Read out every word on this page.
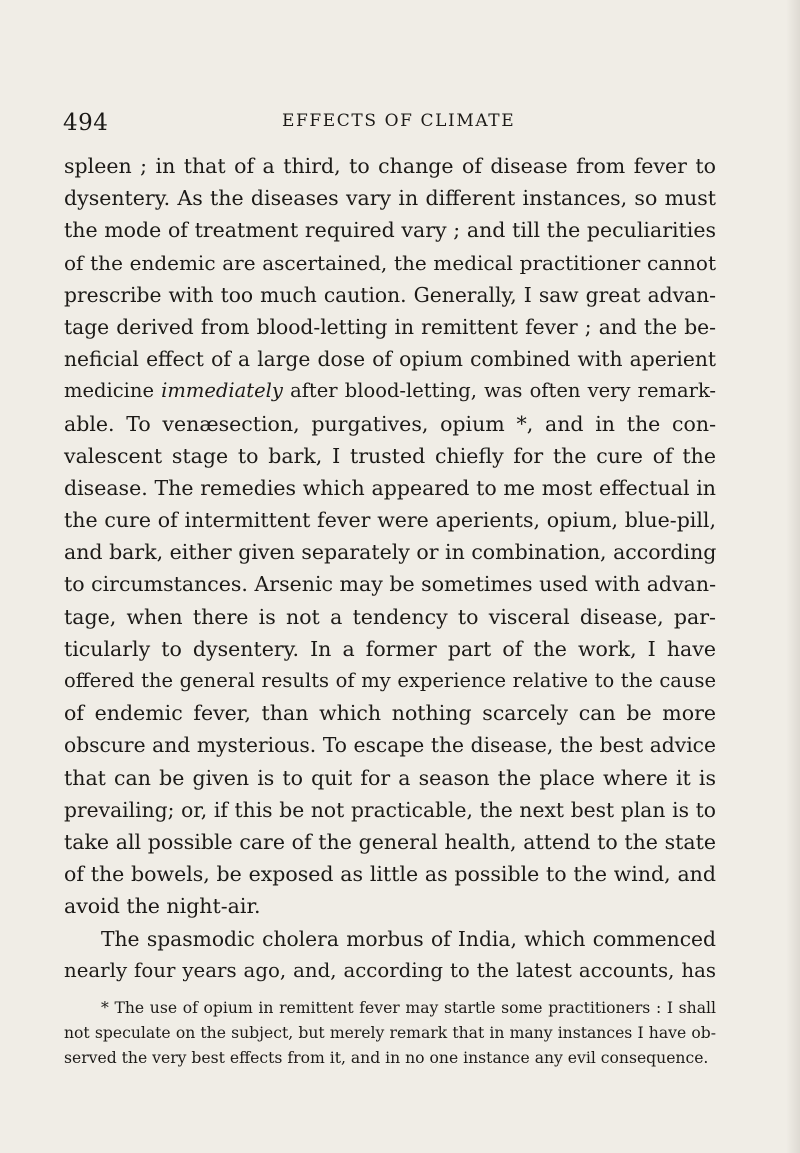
494	EFFECTS OF CLIMATE
spleen ; in that of a third, to change of disease from fever to
dysentery. As the diseases vary in different instances, so must
the mode of treatment required vary ; and till the peculiarities
of the endemic are ascertained, the medical practitioner cannot
prescribe with too much caution. Generally, I saw great advan-
tage derived from blood-letting in remittent fever ; and the be-
neficial effect of a large dose of opium combined with aperient
medicine immediately after blood-letting, was often very remark-
able. To venæsection, purgatives, opium *, and in the con-
valescent stage to bark, I trusted chiefly for the cure of the
disease. The remedies which appeared to me most effectual in
the cure of intermittent fever were aperients, opium, blue-pill,
and bark, either given separately or in combination, according
to circumstances. Arsenic may be sometimes used with advan-
tage, when there is not a tendency to visceral disease, par-
ticularly to dysentery. In a former part of the work, I have
offered the general results of my experience relative to the cause
of endemic fever, than which nothing scarcely can be more
obscure and mysterious. To escape the disease, the best advice
that can be given is to quit for a season the place where it is
prevailing; or, if this be not practicable, the next best plan is to
take all possible care of the general health, attend to the state
of the bowels, be exposed as little as possible to the wind, and
avoid the night-air.
The spasmodic cholera morbus of India, which commenced
nearly four years ago, and, according to the latest accounts, has
* The use of opium in remittent fever may startle some practitioners : I shall
not speculate on the subject, but merely remark that in many instances I have ob-
served the very best effects from it, and in no one instance any evil consequence.
